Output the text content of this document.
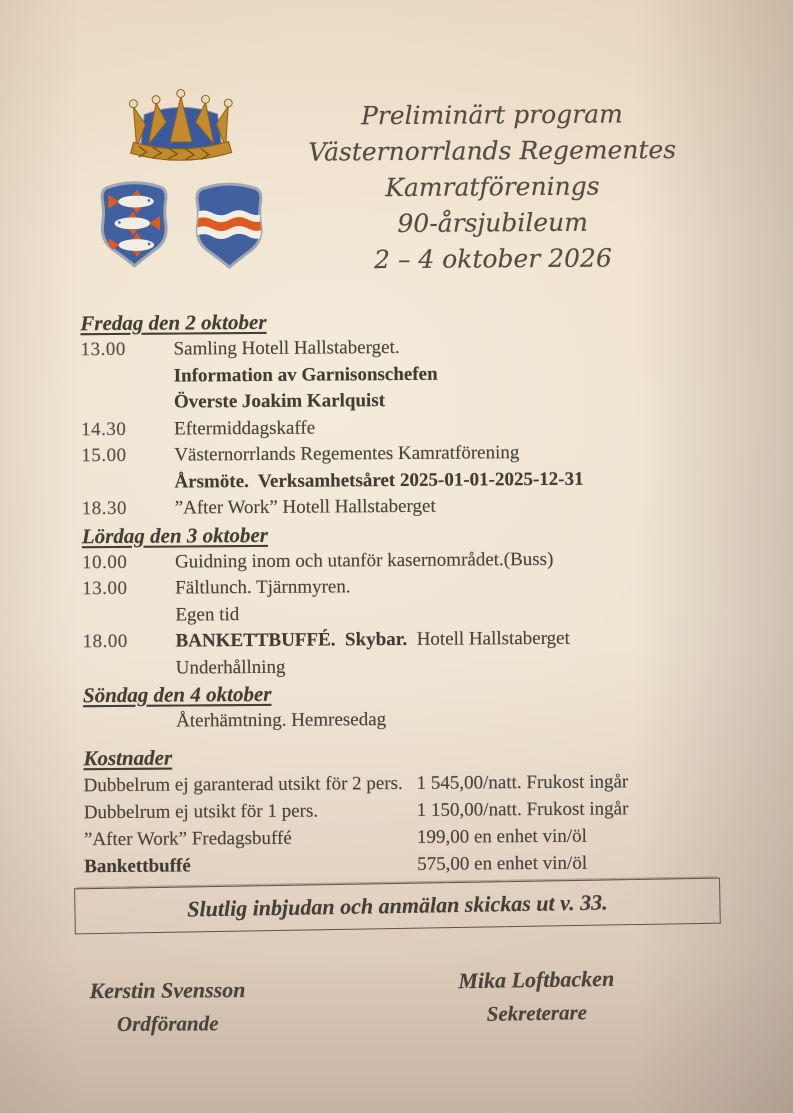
Preliminärt program
Västernorrlands Regementes
Kamratförenings
90-årsjubileum
2 – 4 oktober 2026
Fredag den 2 oktober
13.00	Samling Hotell Hallstaberget.
Information av Garnisonschefen
Överste Joakim Karlquist
14.30	Eftermiddagskaffe
15.00	Västernorrlands Regementes Kamratförening
Årsmöte.  Verksamhetsåret 2025-01-01-2025-12-31
18.30	”After Work” Hotell Hallstaberget
Lördag den 3 oktober
10.00	Guidning inom och utanför kasernområdet.(Buss)
13.00	Fältlunch. Tjärnmyren.
Egen tid
18.00	BANKETTBUFFÉ.  Skybar.  Hotell Hallstaberget
Underhållning
Söndag den 4 oktober
Återhämtning. Hemresedag
Kostnader
Dubbelrum ej garanterad utsikt för 2 pers. 1 545,00/natt. Frukost ingår
Dubbelrum ej utsikt för 1 pers.	1 150,00/natt. Frukost ingår
”After Work” Fredagsbuffé	199,00 en enhet vin/öl
Bankettbuffé	575,00 en enhet vin/öl
Slutlig inbjudan och anmälan skickas ut v. 33.
Kerstin Svensson
Ordförande
Mika Loftbacken
Sekreterare
